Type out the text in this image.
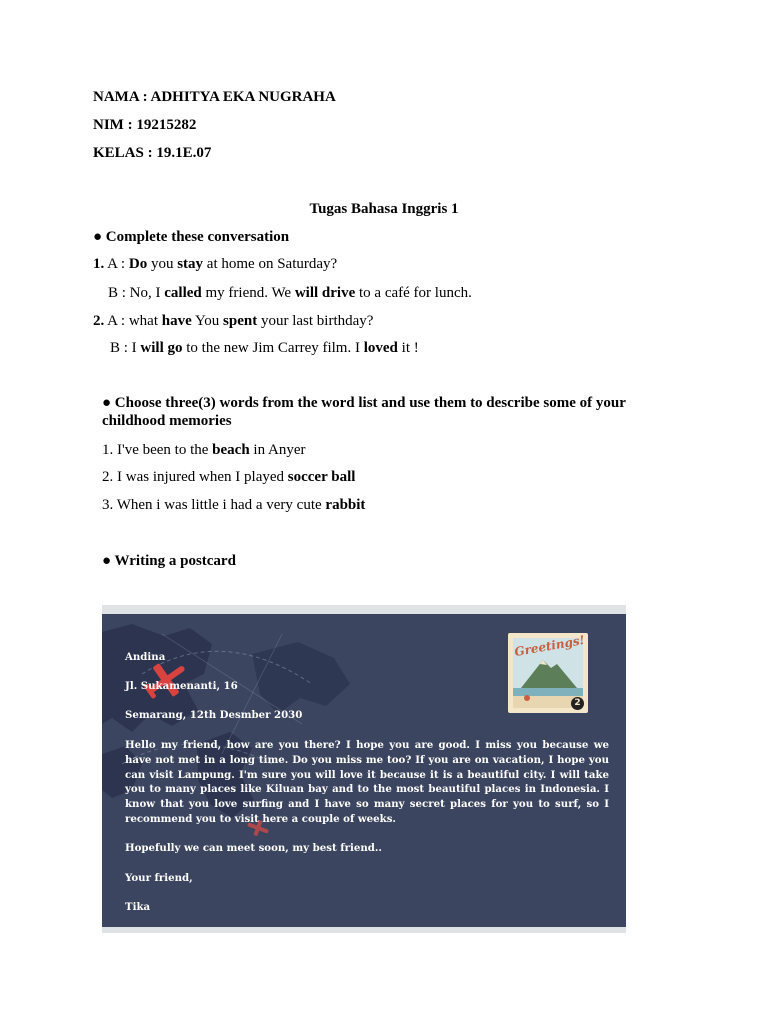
NAMA : ADHITYA EKA NUGRAHA
NIM : 19215282
KELAS : 19.1E.07
Tugas Bahasa Inggris 1
● Complete these conversation
1. A : Do you stay at home on Saturday?
B : No, I called my friend. We will drive to a café for lunch.
2. A : what have You spent your last birthday?
B : I will go to the new Jim Carrey film. I loved it !
● Choose three(3) words from the word list and use them to describe some of your childhood memories
1. I've been to the beach in Anyer
2. I was injured when I played soccer ball
3. When i was little i had a very cute rabbit
● Writing a postcard
Greetings!
2
Andina
Jl. Sukamenanti, 16
Semarang, 12th Desmber 2030
Hello my friend, how are you there? I hope you are good. I miss you because we have not met in a long time. Do you miss me too? If you are on vacation, I hope you can visit Lampung. I'm sure you will love it because it is a beautiful city. I will take you to many places like Kiluan bay and to the most beautiful places in Indonesia. I know that you love surfing and I have so many secret places for you to surf, so I recommend you to visit here a couple of weeks.
Hopefully we can meet soon, my best friend..
Your friend,
Tika
